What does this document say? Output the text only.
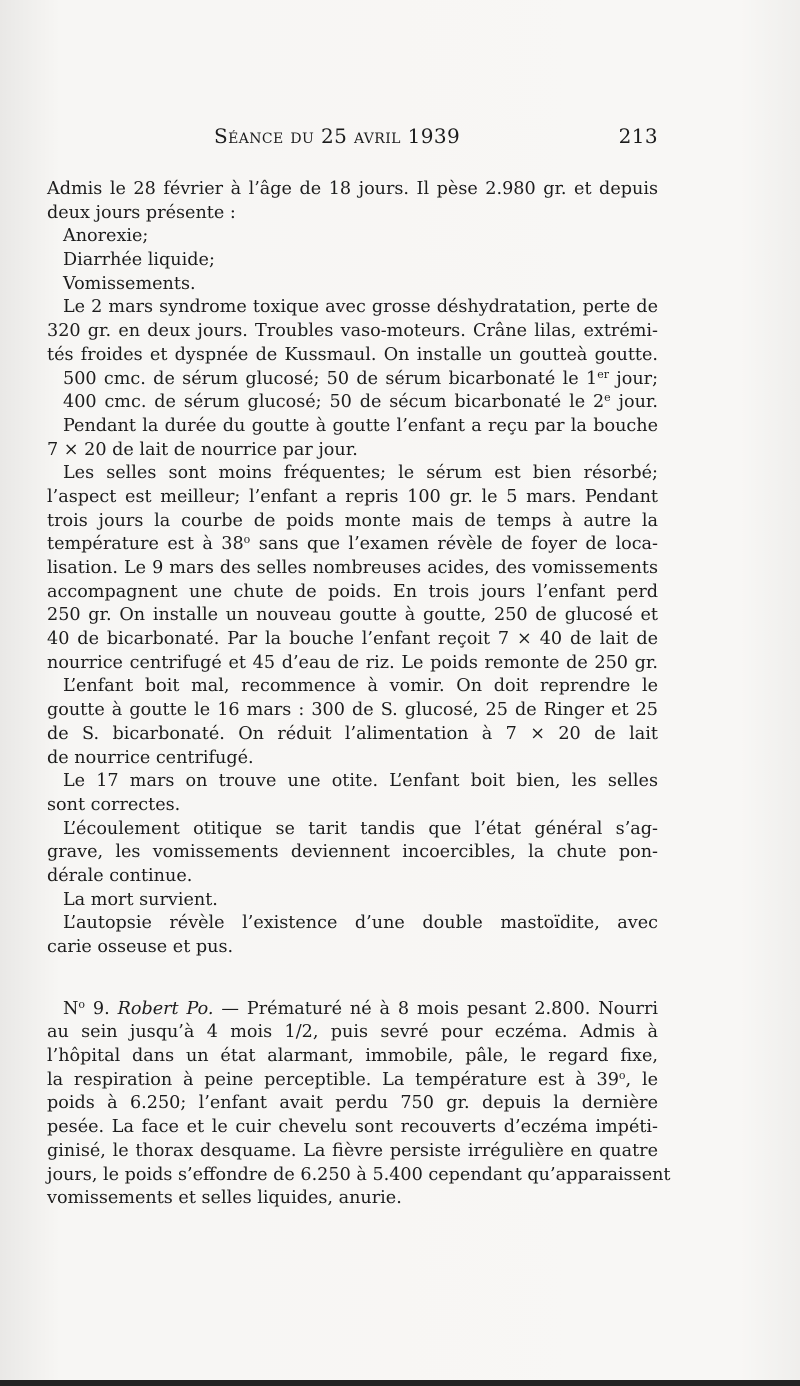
Séance du 25 avril 1939	213
Admis le 28 février à l’âge de 18 jours. Il pèse 2.980 gr. et depuis
deux jours présente :
Anorexie;
Diarrhée liquide;
Vomissements.
Le 2 mars syndrome toxique avec grosse déshydratation, perte de
320 gr. en deux jours. Troubles vaso-moteurs. Crâne lilas, extrémi-
tés froides et dyspnée de Kussmaul. On installe un goutteà goutte.
500 cmc. de sérum glucosé; 50 de sérum bicarbonaté le 1er jour;
400 cmc. de sérum glucosé; 50 de sécum bicarbonaté le 2e jour.
Pendant la durée du goutte à goutte l’enfant a reçu par la bouche
7 × 20 de lait de nourrice par jour.
Les selles sont moins fréquentes; le sérum est bien résorbé;
l’aspect est meilleur; l’enfant a repris 100 gr. le 5 mars. Pendant
trois jours la courbe de poids monte mais de temps à autre la
température est à 38$^o$ sans que l’examen révèle de foyer de loca-
lisation. Le 9 mars des selles nombreuses acides, des vomissements
accompagnent une chute de poids. En trois jours l’enfant perd
250 gr. On installe un nouveau goutte à goutte, 250 de glucosé et
40 de bicarbonaté. Par la bouche l’enfant reçoit 7 × 40 de lait de
nourrice centrifugé et 45 d’eau de riz. Le poids remonte de 250 gr.
L’enfant boit mal, recommence à vomir. On doit reprendre le
goutte à goutte le 16 mars : 300 de S. glucosé, 25 de Ringer et 25
de S. bicarbonaté. On réduit l’alimentation à 7 × 20 de lait
de nourrice centrifugé.
Le 17 mars on trouve une otite. L’enfant boit bien, les selles
sont correctes.
L’écoulement otitique se tarit tandis que l’état général s’ag-
grave, les vomissements deviennent incoercibles, la chute pon-
dérale continue.
La mort survient.
L’autopsie révèle l’existence d’une double mastoïdite, avec
carie osseuse et pus.
$N^o$ 9. Robert Po. — Prématuré né à 8 mois pesant 2.800. Nourri
au sein jusqu’à 4 mois 1/2, puis sevré pour eczéma. Admis à
l’hôpital dans un état alarmant, immobile, pâle, le regard fixe,
la respiration à peine perceptible. La température est à 39$^o$, le
poids à 6.250; l’enfant avait perdu 750 gr. depuis la dernière
pesée. La face et le cuir chevelu sont recouverts d’eczéma impéti-
ginisé, le thorax desquame. La fièvre persiste irrégulière en quatre
jours, le poids s’effondre de 6.250 à 5.400 cependant qu’apparaissent
vomissements et selles liquides, anurie.
